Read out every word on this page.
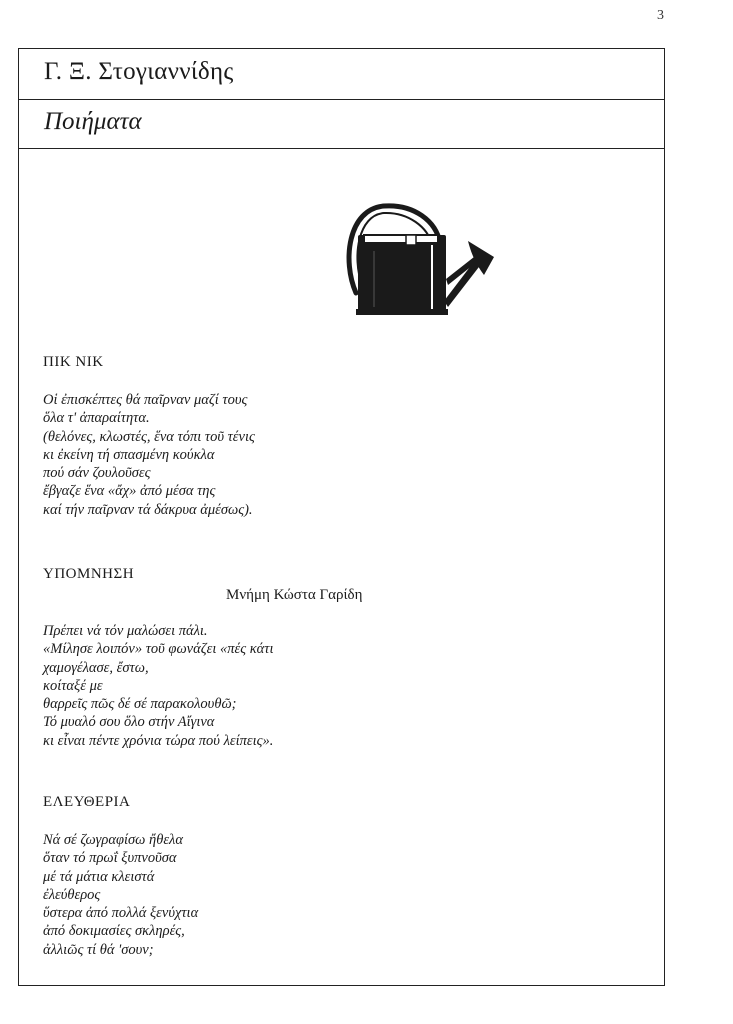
3
Γ. Ξ. Στογιαννίδης
Ποιήματα
ΠΙΚ ΝΙΚ
Οἱ ἐπισκέπτες θά παῖρναν μαζί τους
ὅλα τ' ἀπαραίτητα.
(θελόνες, κλωστές, ἕνα τόπι τοῦ τένις
κι ἐκείνη τή σπασμένη κούκλα
πού σάν ζουλοῦσες
ἔβγαζε ἕνα «ἄχ» ἀπό μέσα της
καί τήν παῖρναν τά δάκρυα ἀμέσως).
ΥΠΟΜΝΗΣΗ
Μνήμη Κώστα Γαρίδη
Πρέπει νά τόν μαλώσει πάλι.
«Μίλησε λοιπόν» τοῦ φωνάζει «πές κάτι
χαμογέλασε, ἔστω,
κοίταξέ με
θαρρεῖς πῶς δέ σέ παρακολουθῶ;
Τό μυαλό σου ὅλο στήν Αἴγινα
κι εἶναι πέντε χρόνια τώρα πού λείπεις».
ΕΛΕΥΘΕΡΙΑ
Νά σέ ζωγραφίσω ἤθελα
ὅταν τό πρωΐ ξυπνοῦσα
μέ τά μάτια κλειστά
ἐλεύθερος
ὕστερα ἀπό πολλά ξενύχτια
ἀπό δοκιμασίες σκληρές,
ἀλλιῶς τί θά 'σουν;
